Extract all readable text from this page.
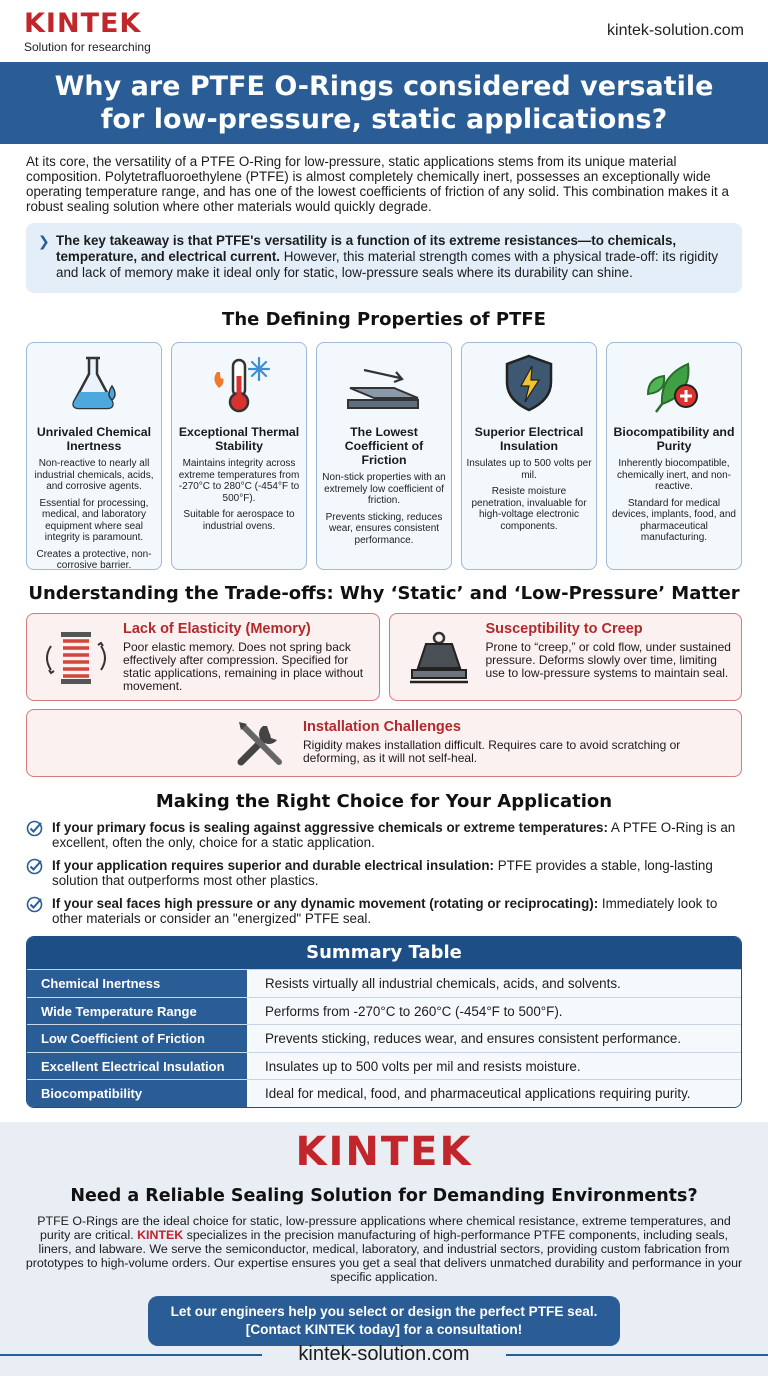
KINTEK
Solution for researching
kintek-solution.com
Why are PTFE O-Rings considered versatile for low-pressure, static applications?
At its core, the versatility of a PTFE O-Ring for low-pressure, static applications stems from its unique material composition. Polytetrafluoroethylene (PTFE) is almost completely chemically inert, possesses an exceptionally wide operating temperature range, and has one of the lowest coefficients of friction of any solid. This combination makes it a robust sealing solution where other materials would quickly degrade.
❯ The key takeaway is that PTFE's versatility is a function of its extreme resistances—to chemicals, temperature, and electrical current. However, this material strength comes with a physical trade-off: its rigidity and lack of memory make it ideal only for static, low-pressure seals where its durability can shine.
The Defining Properties of PTFE
Unrivaled Chemical Inertness

Non-reactive to nearly all industrial chemicals, acids, and corrosive agents.

Essential for processing, medical, and laboratory equipment where seal integrity is paramount.

Creates a protective, non-corrosive barrier.

Exceptional Thermal Stability

Maintains integrity across extreme temperatures from -270°C to 280°C (-454°F to 500°F).

Suitable for aerospace to industrial ovens.

The Lowest Coefficient of Friction

Non-stick properties with an extremely low coefficient of friction.

Prevents sticking, reduces wear, ensures consistent performance.

Superior Electrical Insulation

Insulates up to 500 volts per mil.

Resiste moisture penetration, invaluable for high-voltage electronic components.

Biocompatibility and Purity

Inherently biocompatible, chemically inert, and non-reactive.

Standard for medical devices, implants, food, and pharmaceutical manufacturing.

Understanding the Trade-offs: Why ‘Static’ and ‘Low-Pressure’ Matter
Lack of Elasticity (Memory)

Poor elastic memory. Does not spring back effectively after compression. Specified for static applications, remaining in place without movement.

Susceptibility to Creep

Prone to “creep,” or cold flow, under sustained pressure. Deforms slowly over time, limiting use to low-pressure systems to maintain seal.

Installation Challenges

Rigidity makes installation difficult. Requires care to avoid scratching or deforming, as it will not self-heal.

Making the Right Choice for Your Application
If your primary focus is sealing against aggressive chemicals or extreme temperatures: A PTFE O-Ring is an excellent, often the only, choice for a static application.
If your application requires superior and durable electrical insulation: PTFE provides a stable, long-lasting solution that outperforms most other plastics.
If your seal faces high pressure or any dynamic movement (rotating or reciprocating): Immediately look to other materials or consider an "energized" PTFE seal.
Summary Table
Chemical Inertness	Resists virtually all industrial chemicals, acids, and solvents.
Wide Temperature Range	Performs from -270°C to 260°C (-454°F to 500°F).
Low Coefficient of Friction	Prevents sticking, reduces wear, and ensures consistent performance.
Excellent Electrical Insulation	Insulates up to 500 volts per mil and resists moisture.
Biocompatibility	Ideal for medical, food, and pharmaceutical applications requiring purity.
KINTEK
Need a Reliable Sealing Solution for Demanding Environments?
PTFE O-Rings are the ideal choice for static, low-pressure applications where chemical resistance, extreme temperatures, and purity are critical. KINTEK specializes in the precision manufacturing of high-performance PTFE components, including seals, liners, and labware. We serve the semiconductor, medical, laboratory, and industrial sectors, providing custom fabrication from prototypes to high-volume orders. Our expertise ensures you get a seal that delivers unmatched durability and performance in your specific application.
Let our engineers help you select or design the perfect PTFE seal.
[Contact KINTEK today] for a consultation!
kintek-solution.com
